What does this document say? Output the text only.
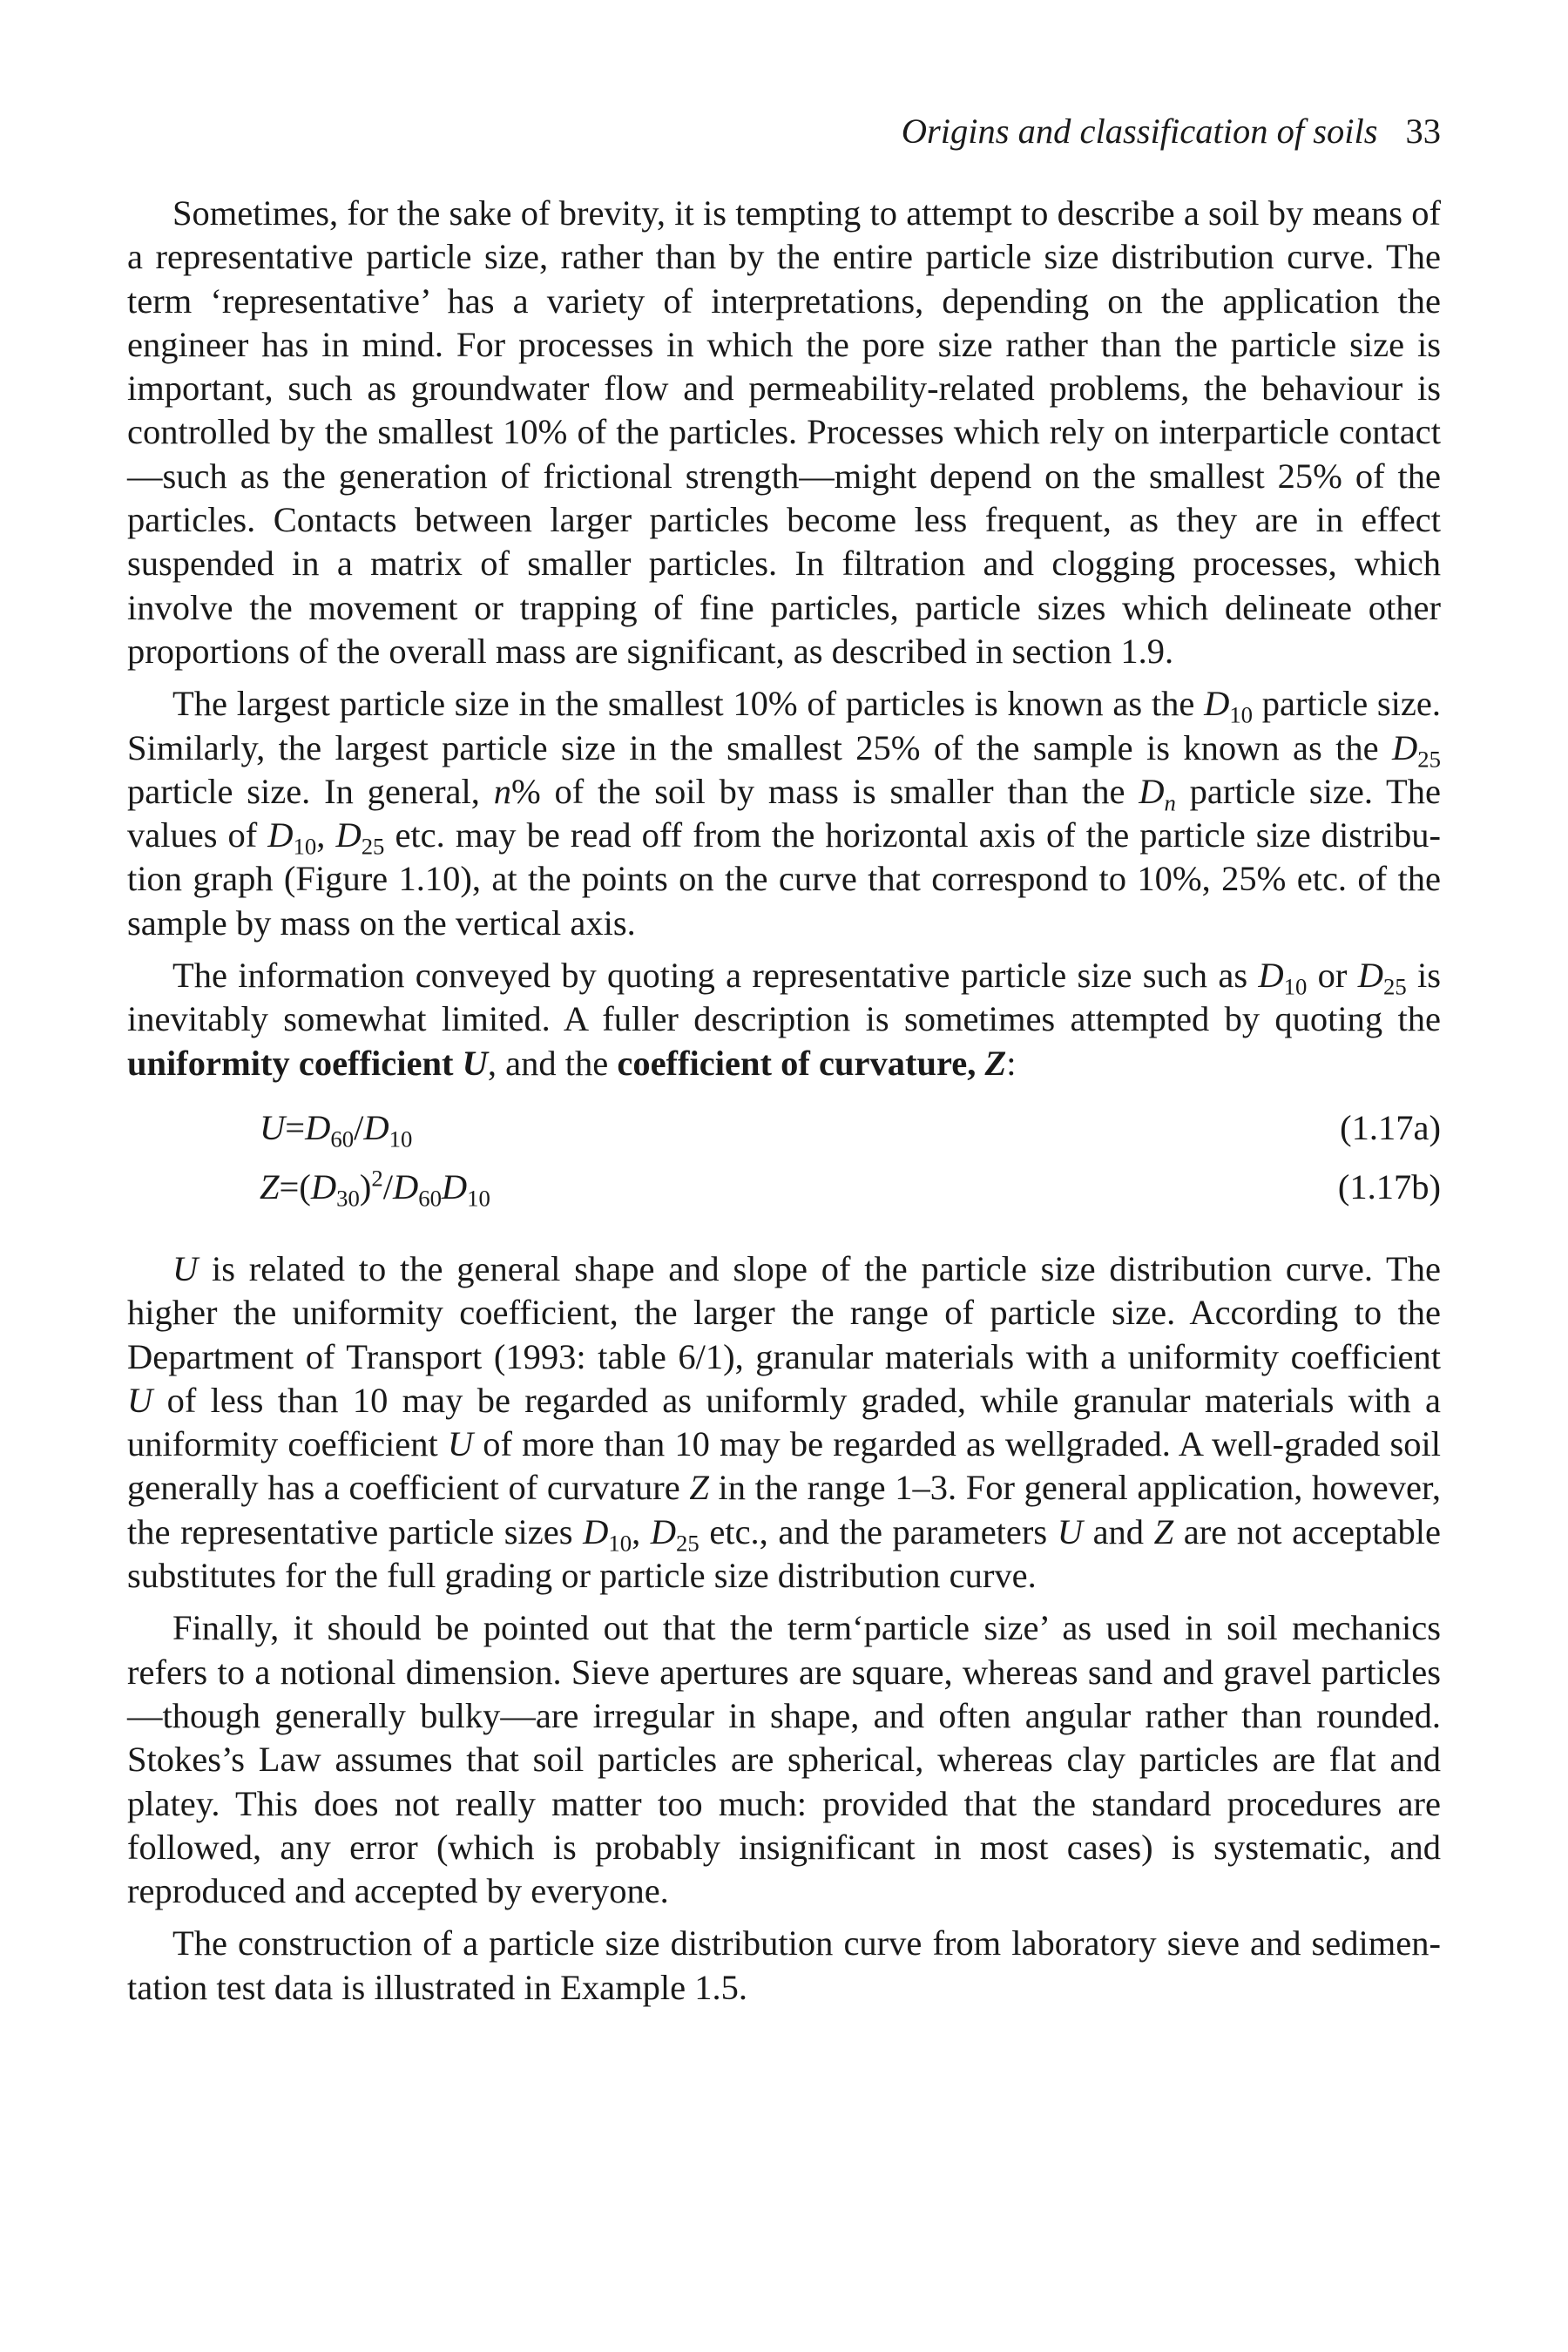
Origins and classification of soils 33

Sometimes, for the sake of brevity, it is tempting to attempt to describe a soil by means of a representative particle size, rather than by the entire particle size distribution curve. The term ‘representative’ has a variety of interpretations, depending on the application the engineer has in mind. For processes in which the pore size rather than the particle size is important, such as groundwater flow and permeability-related problems, the behaviour is controlled by the smallest 10% of the particles. Processes which rely on interparticle contact—such as the generation of frictional strength—might depend on the smallest 25% of the particles. Contacts between larger particles become less frequent, as they are in effect suspended in a matrix of smaller particles. In filtration and clogging processes, which involve the movement or trapping of fine particles, particle sizes which delineate other proportions of the overall mass are significant, as described in section 1.9.

The largest particle size in the smallest 10% of particles is known as the $D_{10}$ particle size. Similarly, the largest particle size in the smallest 25% of the sample is known as the $D_{25}$ particle size. In general, n% of the soil by mass is smaller than the $D_n$ particle size. The values of $D_{10}$, $D_{25}$ etc. may be read off from the horizontal axis of the particle size distribution graph (Figure 1.10), at the points on the curve that correspond to 10%, 25% etc. of the sample by mass on the vertical axis.

The information conveyed by quoting a representative particle size such as $D_{10}$ or $D_{25}$ is inevitably somewhat limited. A fuller description is sometimes attempted by quoting the uniformity coefficient U, and the coefficient of curvature, Z:

$U=D_{60}/D_{10}$	(1.17a)
$Z=(D_{30})^2/D_{60}D_{10}$	(1.17b)

U is related to the general shape and slope of the particle size distribution curve. The higher the uniformity coefficient, the larger the range of particle size. According to the Department of Transport (1993: table 6/1), granular materials with a uniformity coefficient U of less than 10 may be regarded as uniformly graded, while granular materials with a uniformity coefficient U of more than 10 may be regarded as wellgraded. A well-graded soil generally has a coefficient of curvature Z in the range 1–3. For general application, however, the representative particle sizes $D_{10}$, $D_{25}$ etc., and the parameters U and Z are not acceptable substitutes for the full grading or particle size distribution curve.

Finally, it should be pointed out that the term‘particle size’ as used in soil mechanics refers to a notional dimension. Sieve apertures are square, whereas sand and gravel particles—though generally bulky—are irregular in shape, and often angular rather than rounded. Stokes’s Law assumes that soil particles are spherical, whereas clay particles are flat and platey. This does not really matter too much: provided that the standard procedures are followed, any error (which is probably insignificant in most cases) is systematic, and reproduced and accepted by everyone.

The construction of a particle size distribution curve from laboratory sieve and sedimentation test data is illustrated in Example 1.5.
